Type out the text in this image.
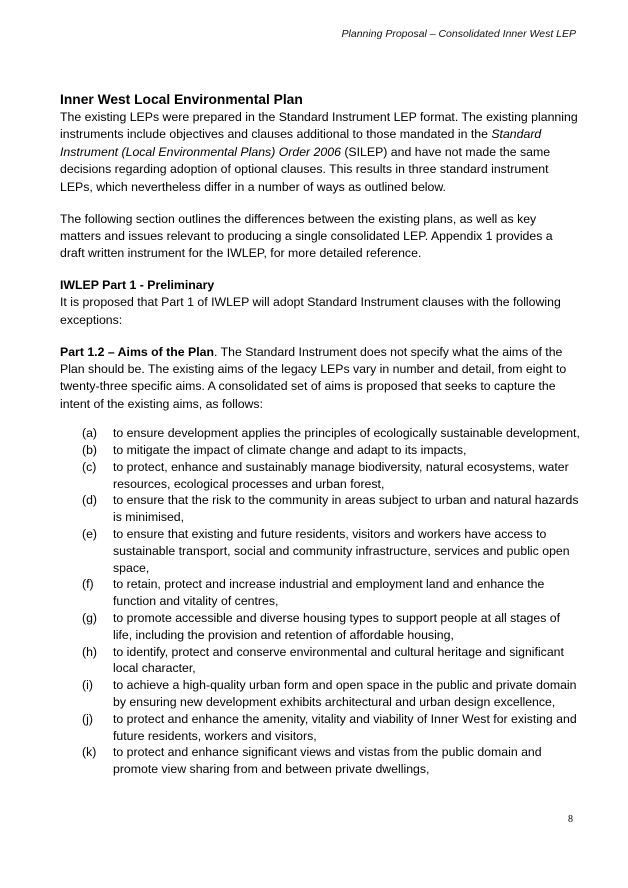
Planning Proposal – Consolidated Inner West LEP
Inner West Local Environmental Plan

The existing LEPs were prepared in the Standard Instrument LEP format. The existing planning instruments include objectives and clauses additional to those mandated in the Standard Instrument (Local Environmental Plans) Order 2006 (SILEP) and have not made the same decisions regarding adoption of optional clauses. This results in three standard instrument LEPs, which nevertheless differ in a number of ways as outlined below.

The following section outlines the differences between the existing plans, as well as key matters and issues relevant to producing a single consolidated LEP. Appendix 1 provides a draft written instrument for the IWLEP, for more detailed reference.

IWLEP Part 1 - Preliminary

It is proposed that Part 1 of IWLEP will adopt Standard Instrument clauses with the following exceptions:

Part 1.2 – Aims of the Plan. The Standard Instrument does not specify what the aims of the Plan should be. The existing aims of the legacy LEPs vary in number and detail, from eight to twenty-three specific aims. A consolidated set of aims is proposed that seeks to capture the intent of the existing aims, as follows:

(a)	to ensure development applies the principles of ecologically sustainable development,
(b)	to mitigate the impact of climate change and adapt to its impacts,
(c)	to protect, enhance and sustainably manage biodiversity, natural ecosystems, water resources, ecological processes and urban forest,
(d)	to ensure that the risk to the community in areas subject to urban and natural hazards is minimised,
(e)	to ensure that existing and future residents, visitors and workers have access to sustainable transport, social and community infrastructure, services and public open space,
(f)	to retain, protect and increase industrial and employment land and enhance the function and vitality of centres,
(g)	to promote accessible and diverse housing types to support people at all stages of life, including the provision and retention of affordable housing,
(h)	to identify, protect and conserve environmental and cultural heritage and significant local character,
(i)	to achieve a high-quality urban form and open space in the public and private domain by ensuring new development exhibits architectural and urban design excellence,
(j)	to protect and enhance the amenity, vitality and viability of Inner West for existing and future residents, workers and visitors,
(k)	to protect and enhance significant views and vistas from the public domain and promote view sharing from and between private dwellings,
8
